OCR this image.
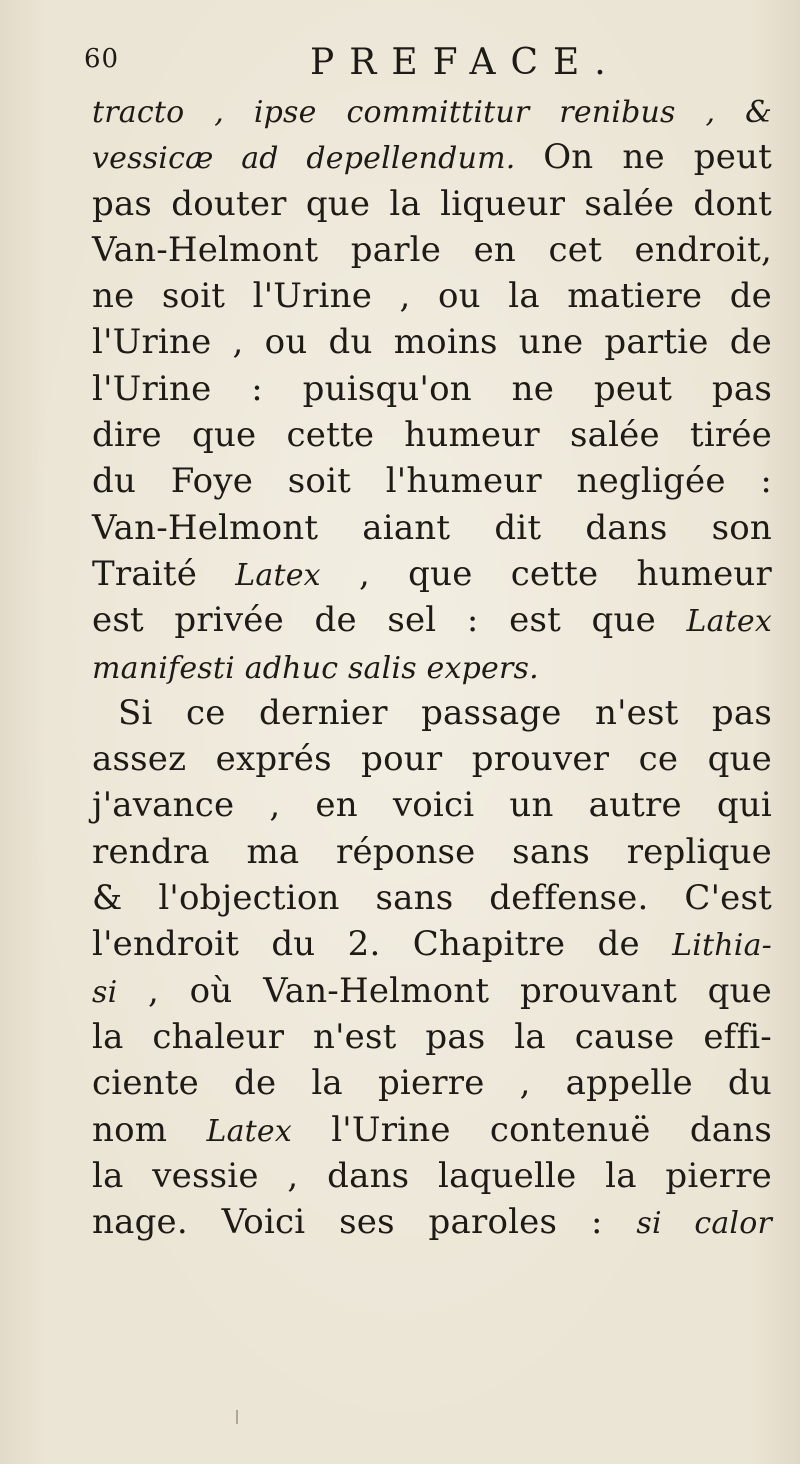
60	PREFACE.
tracto , ipse committitur renibus , &
vessicæ ad depellendum. On ne peut
pas douter que la liqueur salée dont
Van-Helmont parle en cet endroit,
ne soit l'Urine , ou la matiere de
l'Urine , ou du moins une partie de
l'Urine : puisqu'on ne peut pas
dire que cette humeur salée tirée
du Foye soit l'humeur negligée :
Van-Helmont aiant dit dans son
Traité Latex , que cette humeur
est privée de sel : est que Latex
manifesti adhuc salis expers.
Si ce dernier passage n'est pas
assez exprés pour prouver ce que
j'avance , en voici un autre qui
rendra ma réponse sans replique
& l'objection sans deffense. C'est
l'endroit du 2. Chapitre de Lithia-
si , où Van-Helmont prouvant que
la chaleur n'est pas la cause effi-
ciente de la pierre , appelle du
nom Latex l'Urine contenuë dans
la vessie , dans laquelle la pierre
nage. Voici ses paroles : si calor
